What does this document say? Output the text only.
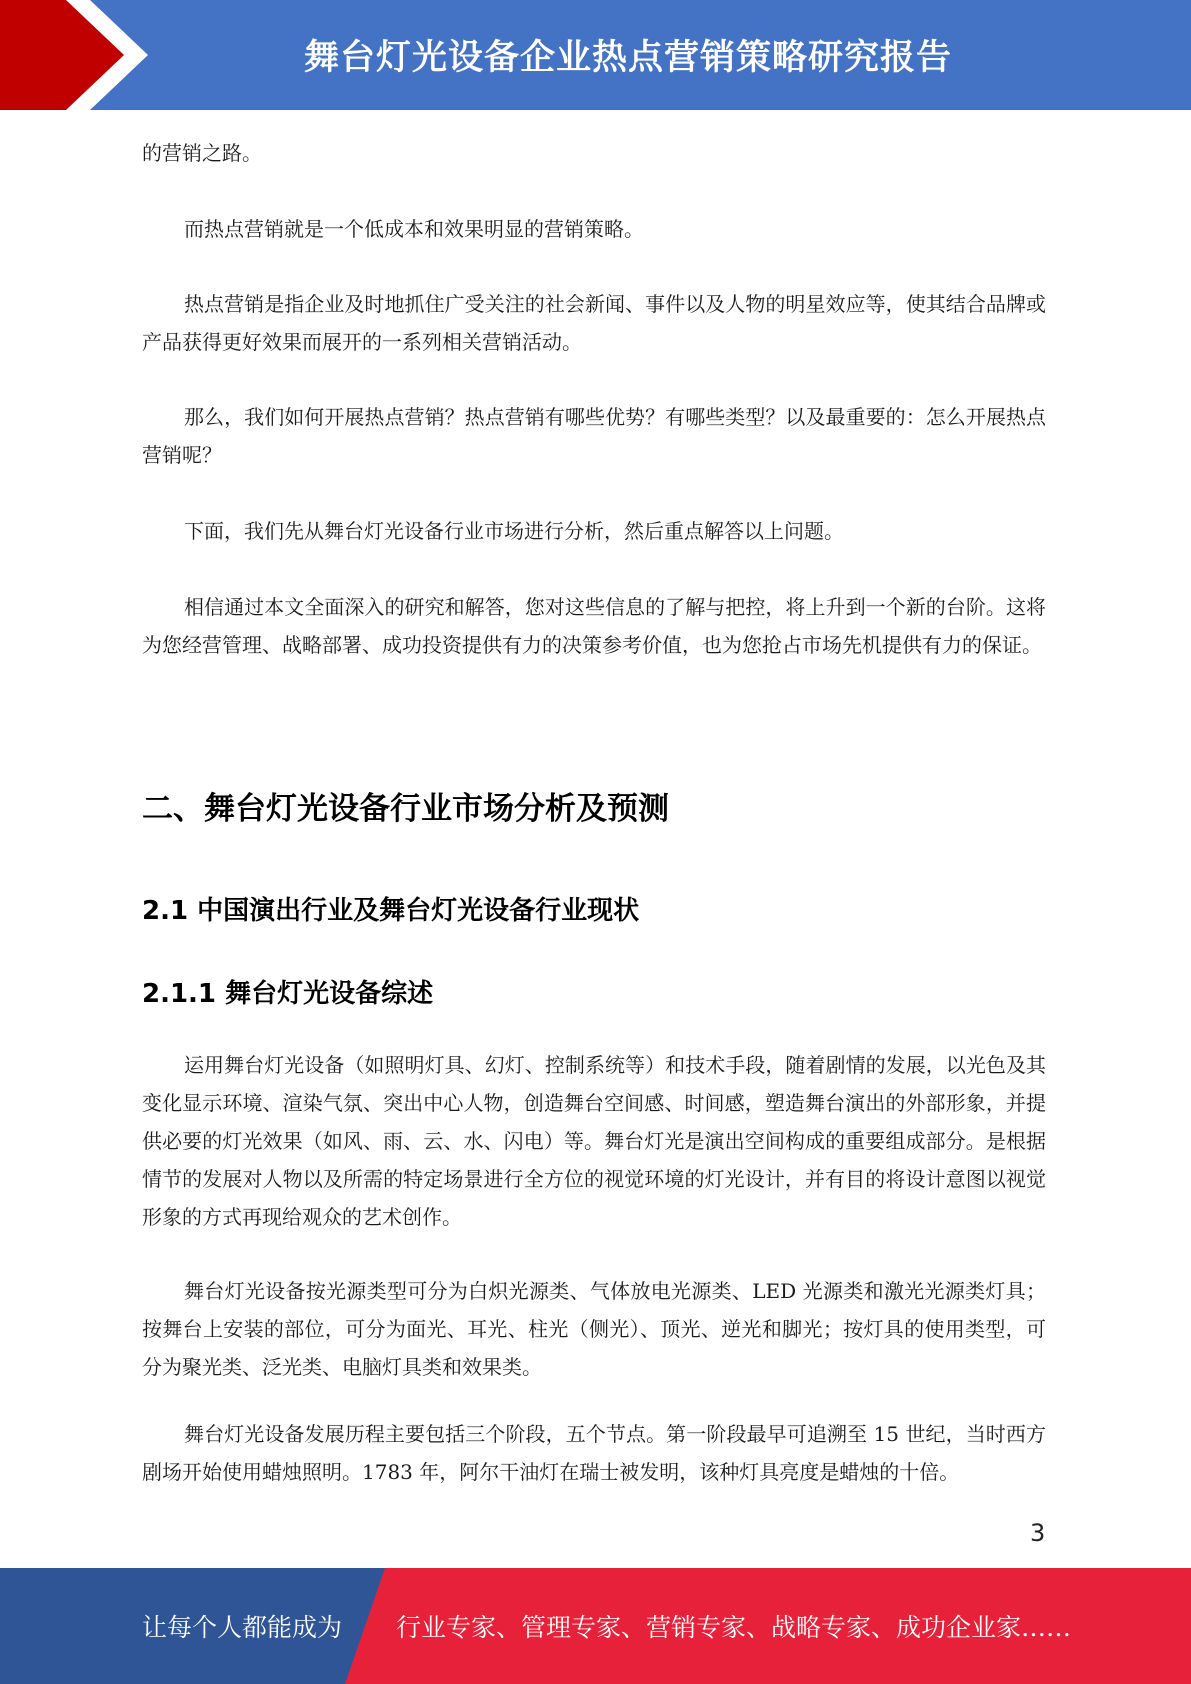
舞台灯光设备企业热点营销策略研究报告

的营销之路。

而热点营销就是一个低成本和效果明显的营销策略。

热点营销是指企业及时地抓住广受关注的社会新闻、事件以及人物的明星效应等，使其结合品牌或产品获得更好效果而展开的一系列相关营销活动。

那么，我们如何开展热点营销？热点营销有哪些优势？有哪些类型？以及最重要的：怎么开展热点营销呢？

下面，我们先从舞台灯光设备行业市场进行分析，然后重点解答以上问题。

相信通过本文全面深入的研究和解答，您对这些信息的了解与把控，将上升到一个新的台阶。这将为您经营管理、战略部署、成功投资提供有力的决策参考价值，也为您抢占市场先机提供有力的保证。

二、舞台灯光设备行业市场分析及预测
2.1 中国演出行业及舞台灯光设备行业现状
2.1.1 舞台灯光设备综述

运用舞台灯光设备（如照明灯具、幻灯、控制系统等）和技术手段，随着剧情的发展，以光色及其变化显示环境、渲染气氛、突出中心人物，创造舞台空间感、时间感，塑造舞台演出的外部形象，并提供必要的灯光效果（如风、雨、云、水、闪电）等。舞台灯光是演出空间构成的重要组成部分。是根据情节的发展对人物以及所需的特定场景进行全方位的视觉环境的灯光设计，并有目的将设计意图以视觉形象的方式再现给观众的艺术创作。

舞台灯光设备按光源类型可分为白炽光源类、气体放电光源类、LED 光源类和激光光源类灯具；按舞台上安装的部位，可分为面光、耳光、柱光（侧光）、顶光、逆光和脚光；按灯具的使用类型，可分为聚光类、泛光类、电脑灯具类和效果类。

舞台灯光设备发展历程主要包括三个阶段，五个节点。第一阶段最早可追溯至 15 世纪，当时西方剧场开始使用蜡烛照明。1783 年，阿尔干油灯在瑞士被发明，该种灯具亮度是蜡烛的十倍。

3
让每个人都能成为 行业专家、管理专家、营销专家、战略专家、成功企业家……
